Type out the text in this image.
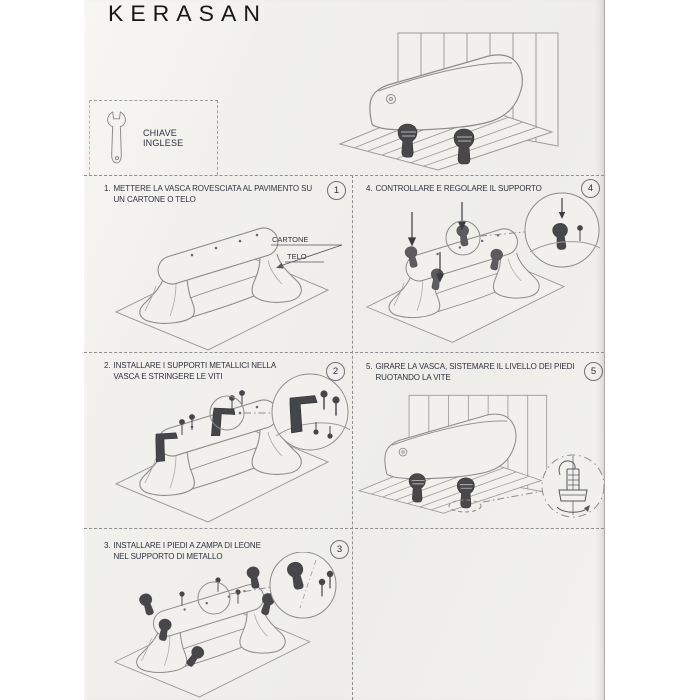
KERASAN
CHIAVE INGLESE
1. METTERE LA VASCA ROVESCIATA AL PAVIMENTO SU UN CARTONE O TELO
1
CARTONE
TELO
2. INSTALLARE I SUPPORTI METALLICI NELLA VASCA E STRINGERE LE VITI	2
3. INSTALLARE I PIEDI A ZAMPA DI LEONE NEL SUPPORTO DI METALLO
3
4. CONTROLLARE E REGOLARE IL SUPPORTO	4
5. GIRARE LA VASCA, SISTEMARE IL LIVELLO DEI PIEDI RUOTANDO LA VITE
5
